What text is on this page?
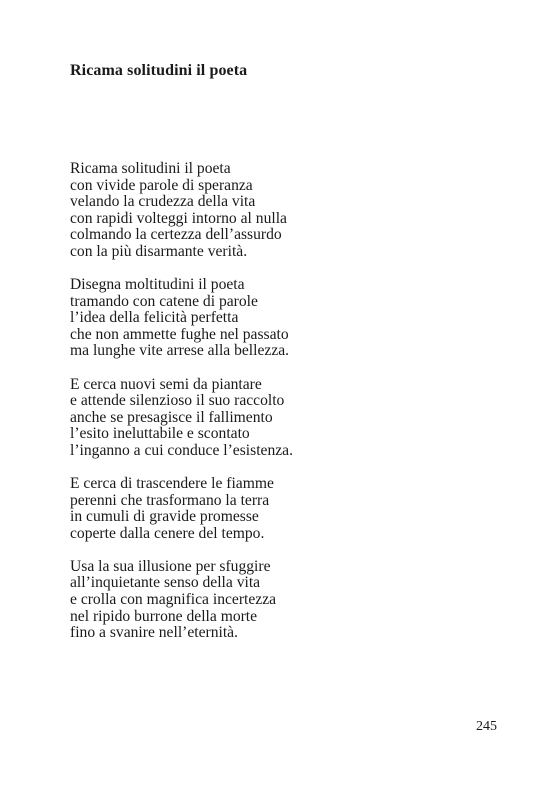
Ricama solitudini il poeta
Ricama solitudini il poeta
con vivide parole di speranza
velando la crudezza della vita
con rapidi volteggi intorno al nulla
colmando la certezza dell’assurdo
con la più disarmante verità.
Disegna moltitudini il poeta
tramando con catene di parole
l’idea della felicità perfetta
che non ammette fughe nel passato
ma lunghe vite arrese alla bellezza.
E cerca nuovi semi da piantare
e attende silenzioso il suo raccolto
anche se presagisce il fallimento
l’esito ineluttabile e scontato
l’inganno a cui conduce l’esistenza.
E cerca di trascendere le fiamme
perenni che trasformano la terra
in cumuli di gravide promesse
coperte dalla cenere del tempo.
Usa la sua illusione per sfuggire
all’inquietante senso della vita
e crolla con magnifica incertezza
nel ripido burrone della morte
fino a svanire nell’eternità.
245
